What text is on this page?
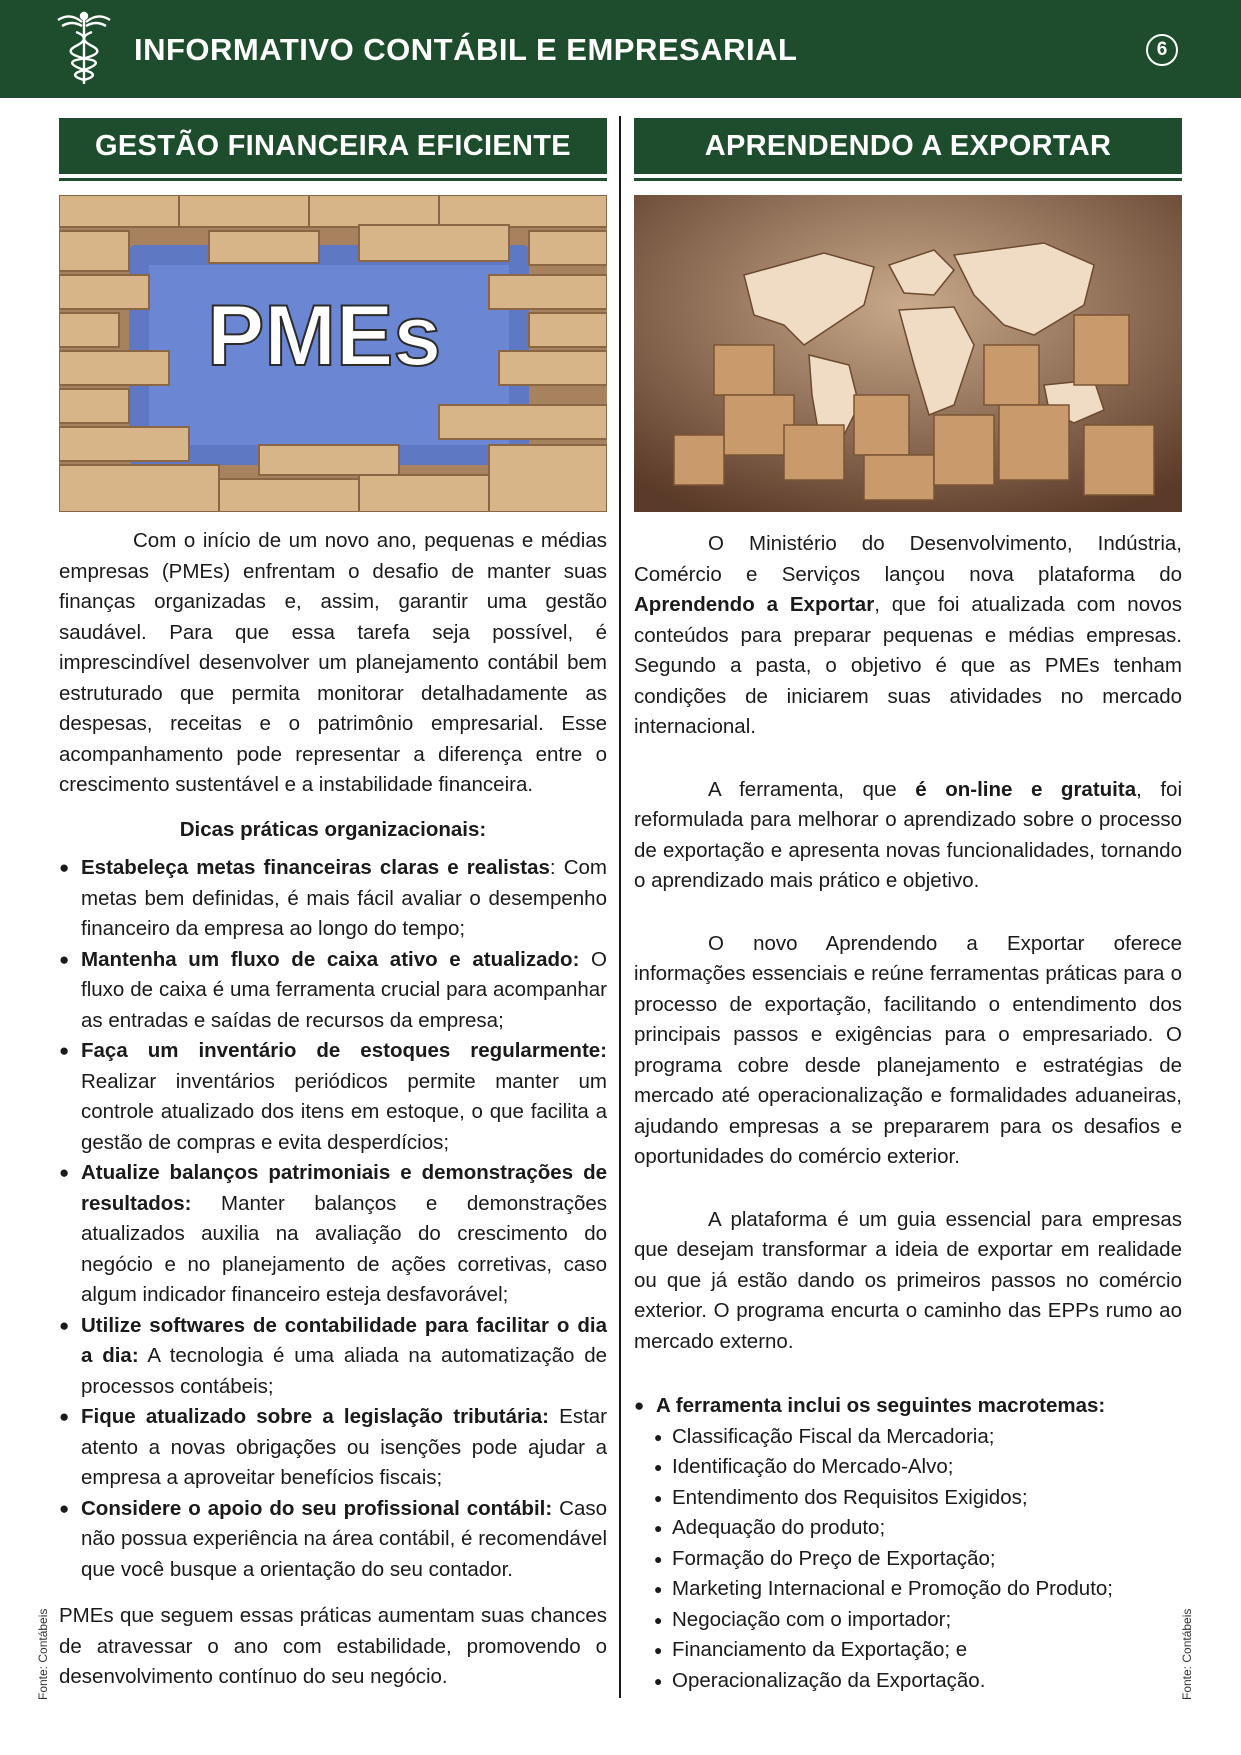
INFORMATIVO CONTÁBIL E EMPRESARIAL	6
GESTÃO FINANCEIRA EFICIENTE
PMEs

Com o início de um novo ano, pequenas e médias empresas (PMEs) enfrentam o desafio de manter suas finanças organizadas e, assim, garantir uma gestão saudável. Para que essa tarefa seja possível, é imprescindível desenvolver um planejamento contábil bem estruturado que permita monitorar detalhadamente as despesas, receitas e o patrimônio empresarial. Esse acompanhamento pode representar a diferença entre o crescimento sustentável e a instabilidade financeira.

Dicas práticas organizacionais:

● Estabeleça metas financeiras claras e realistas: Com metas bem definidas, é mais fácil avaliar o desempenho financeiro da empresa ao longo do tempo;
● Mantenha um fluxo de caixa ativo e atualizado: O fluxo de caixa é uma ferramenta crucial para acompanhar as entradas e saídas de recursos da empresa;
● Faça um inventário de estoques regularmente: Realizar inventários periódicos permite manter um controle atualizado dos itens em estoque, o que facilita a gestão de compras e evita desperdícios;
● Atualize balanços patrimoniais e demonstrações de resultados: Manter balanços e demonstrações atualizados auxilia na avaliação do crescimento do negócio e no planejamento de ações corretivas, caso algum indicador financeiro esteja desfavorável;
● Utilize softwares de contabilidade para facilitar o dia a dia: A tecnologia é uma aliada na automatização de processos contábeis;
● Fique atualizado sobre a legislação tributária: Estar atento a novas obrigações ou isenções pode ajudar a empresa a aproveitar benefícios fiscais;
● Considere o apoio do seu profissional contábil: Caso não possua experiência na área contábil, é recomendável que você busque a orientação do seu contador.

PMEs que seguem essas práticas aumentam suas chances de atravessar o ano com estabilidade, promovendo o desenvolvimento contínuo do seu negócio.

Fonte: Contábeis
APRENDENDO A EXPORTAR

O Ministério do Desenvolvimento, Indústria, Comércio e Serviços lançou nova plataforma do Aprendendo a Exportar, que foi atualizada com novos conteúdos para preparar pequenas e médias empresas. Segundo a pasta, o objetivo é que as PMEs tenham condições de iniciarem suas atividades no mercado internacional.

A ferramenta, que é on-line e gratuita, foi reformulada para melhorar o aprendizado sobre o processo de exportação e apresenta novas funcionalidades, tornando o aprendizado mais prático e objetivo.

O novo Aprendendo a Exportar oferece informações essenciais e reúne ferramentas práticas para o processo de exportação, facilitando o entendimento dos principais passos e exigências para o empresariado. O programa cobre desde planejamento e estratégias de mercado até operacionalização e formalidades aduaneiras, ajudando empresas a se prepararem para os desafios e oportunidades do comércio exterior.

A plataforma é um guia essencial para empresas que desejam transformar a ideia de exportar em realidade ou que já estão dando os primeiros passos no comércio exterior. O programa encurta o caminho das EPPs rumo ao mercado externo.

● A ferramenta inclui os seguintes macrotemas:

● Classificação Fiscal da Mercadoria;
● Identificação do Mercado-Alvo;
● Entendimento dos Requisitos Exigidos;
● Adequação do produto;
● Formação do Preço de Exportação;
● Marketing Internacional e Promoção do Produto;
● Negociação com o importador;
● Financiamento da Exportação; e
● Operacionalização da Exportação.	Fonte: Contábeis
